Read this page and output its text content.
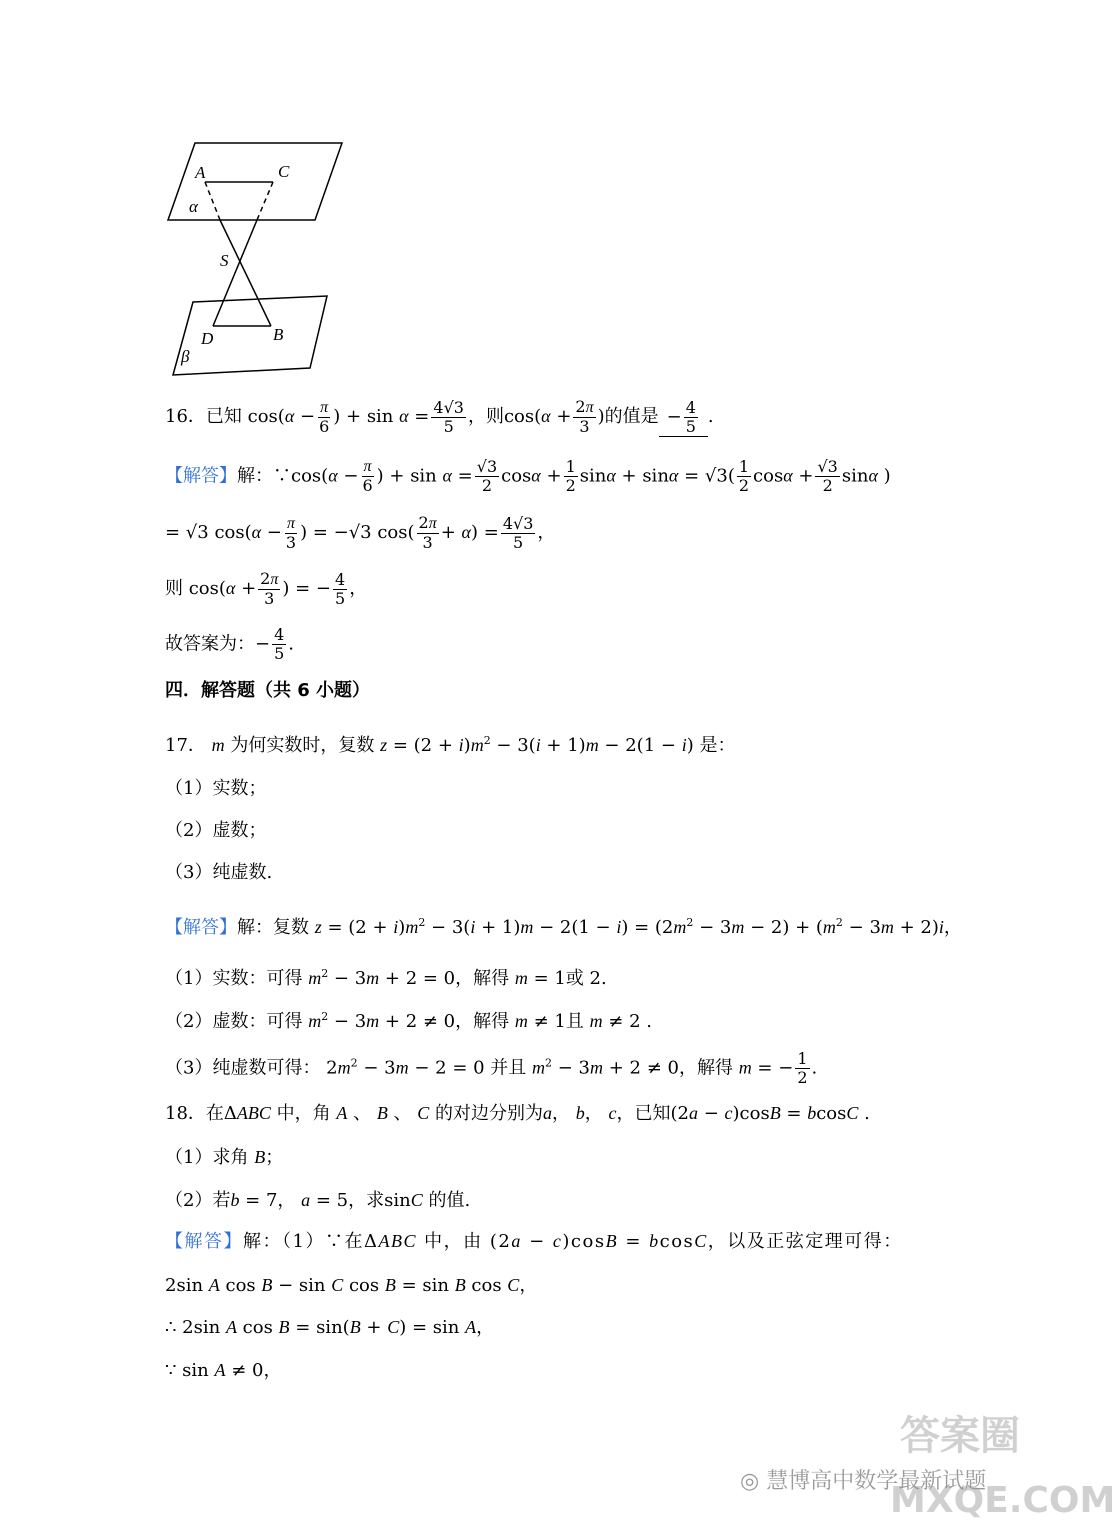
A	C
α
S
D	B
β
16．已知 $\cos(\alpha - \frac{\pi}{6}$ ) + $\sin \alpha = \frac{4√3}{5}$ ，则$\cos(\alpha + \frac{2\pi}{3}$ )的值是 − $\frac{4}{5}$ .
【解答】解：∵cos(α − $\frac{\pi}{6}$ ) + $\sin \alpha = \frac{√3}{2}$ $\cos\alpha + \frac{1}{2}$ $\sin\alpha + \sin\alpha = √3( \frac{1}{2}$ $\cos\alpha + \frac{√3}{2}$ sinα )
= √3 $\cos(\alpha - \frac{\pi}{3}$ ) = −√3 $\cos( \frac{2\pi}{3} + \alpha) = \frac{4√3}{5}$ ，
则 $\cos(\alpha + \frac{2\pi}{3}$ ) = − $\frac{4}{5}$ ，
故答案为：− $\frac{4}{5}$ .
四．解答题（共 6 小题）
17． m 为何实数时，复数 $z = (2 + i)m^2 - 3(i + 1)m - 2(1 - i)$ 是：
（1）实数；
（2）虚数；
（3）纯虚数.
【解答】解：复数 $z = (2 + i)m^2 - 3(i + 1)m - 2(1 - i) = (2m^2 - 3m - 2) + (m^2 - 3m + 2)i$，
（1）实数：可得 $m^2 - 3m + 2 = 0$，解得 m = 1或 2.
（2）虚数：可得 $m^2 - 3m + 2 \ne 0$，解得 m ≠ 1且 m ≠ 2 .
（3）纯虚数可得： $2m^2 - 3m - 2 = 0$ 并且 $m^2 - 3m + 2 \ne 0$，解得 m = − $\frac{1}{2}$ .
18．在ΔABC 中，角 A 、 B 、 C 的对边分别为a， b， c，已知(2a − c)cosB = bcosC .
（1）求角 B；
（2）若b = 7， a = 5，求sinC 的值.
【解答】解：（1）∵在ΔABC 中，由 (2a − c)cosB = bcosC，以及正弦定理可得：
2sin A cos B − sin C cos B = sin B cos C，
∴ 2sin A cos B = sin(B + C) = sin A，
∵ sin A ≠ 0，
◎ 慧博高中数学最新试题
答案圈
MXQE.COM
